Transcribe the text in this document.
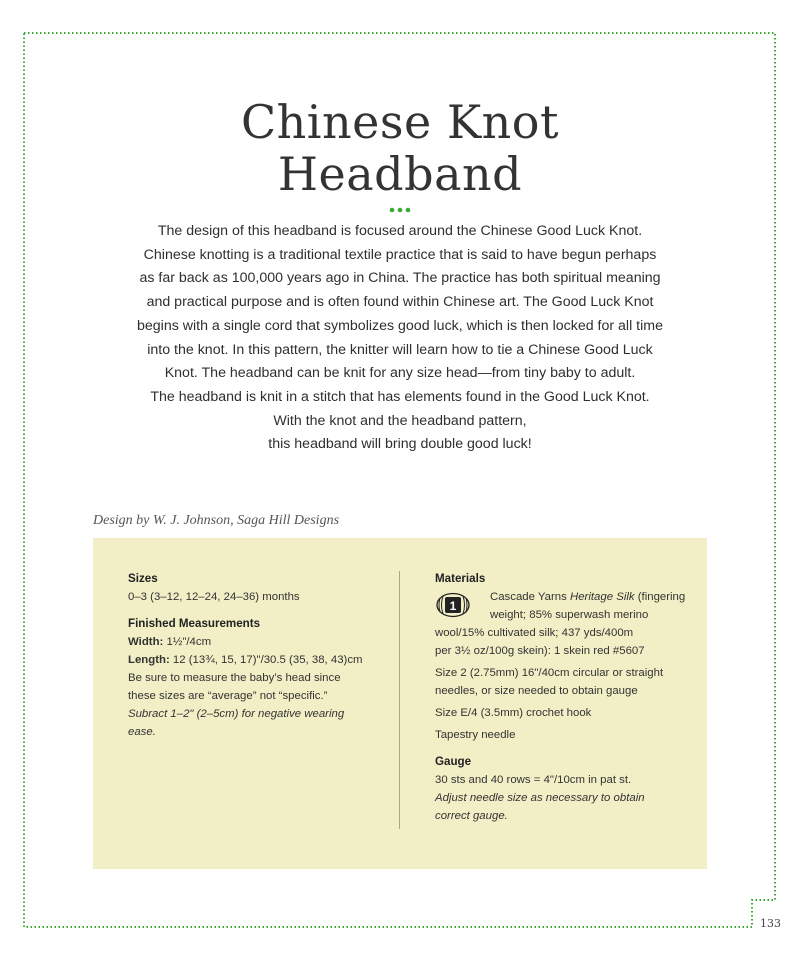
Chinese Knot
Headband
The design of this headband is focused around the Chinese Good Luck Knot.
Chinese knotting is a traditional textile practice that is said to have begun perhaps
as far back as 100,000 years ago in China. The practice has both spiritual meaning
and practical purpose and is often found within Chinese art. The Good Luck Knot
begins with a single cord that symbolizes good luck, which is then locked for all time
into the knot. In this pattern, the knitter will learn how to tie a Chinese Good Luck
Knot. The headband can be knit for any size head—from tiny baby to adult.
The headband is knit in a stitch that has elements found in the Good Luck Knot.
With the knot and the headband pattern,
this headband will bring double good luck!
Design by W. J. Johnson, Saga Hill Designs
Sizes
0–3 (3–12, 12–24, 24–36) months
Finished Measurements
Width: 1½"/4cm
Length: 12 (13¾, 15, 17)"/30.5 (35, 38, 43)cm
Be sure to measure the baby’s head since
these sizes are “average” not “specific.”
Subract 1–2" (2–5cm) for negative wearing
ease.
Materials
1
Cascade Yarns Heritage Silk (fingering
weight; 85% superwash merino
wool/15% cultivated silk; 437 yds/400m
per 3½ oz/100g skein): 1 skein red #5607
Size 2 (2.75mm) 16"/40cm circular or straight
needles, or size needed to obtain gauge
Size E/4 (3.5mm) crochet hook
Tapestry needle
Gauge
30 sts and 40 rows = 4"/10cm in pat st.
Adjust needle size as necessary to obtain
correct gauge.
133
